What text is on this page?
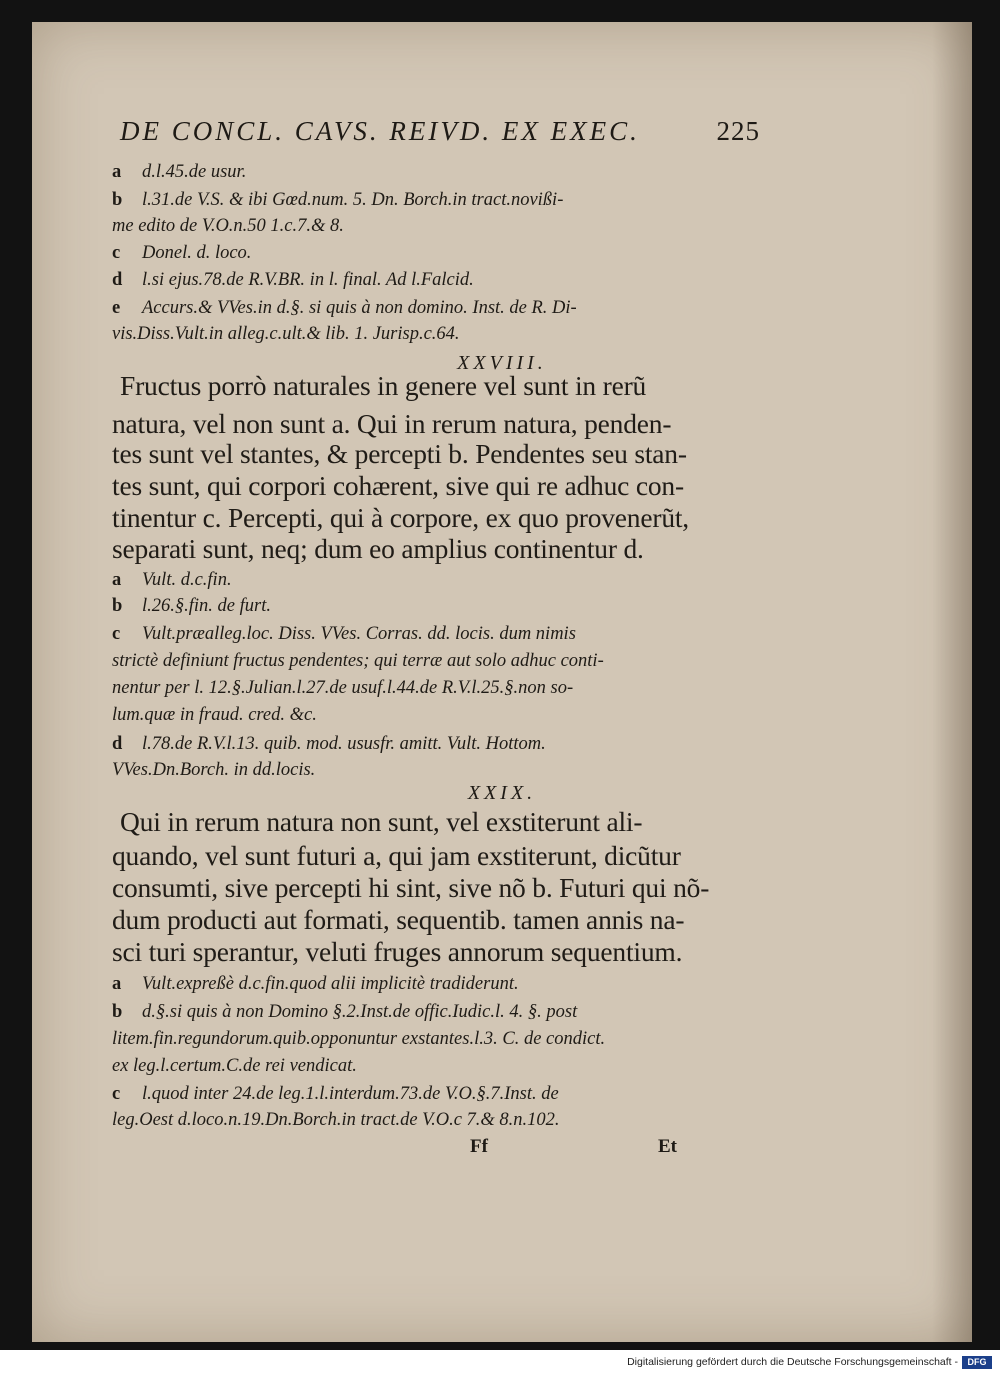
DE CONCL. CAVS. REIVD. EX EXEC.	225
a d.l.45.de usur.
b l.31.de V.S. & ibi Gœd.num. 5. Dn. Borch.in tract.novißi-
me edito de V.O.n.50 1.c.7.& 8.
c Donel. d. loco.
d l.si ejus.78.de R.V.BR. in l. final. Ad l.Falcid.
e Accurs.& VVes.in d.§. si quis à non domino. Inst. de R. Di-
vis.Diss.Vult.in alleg.c.ult.& lib. 1. Jurisp.c.64.
XXVIII.
Fructus porrò naturales in genere vel sunt in rerũ
natura, vel non sunt a. Qui in rerum natura, penden-
tes sunt vel stantes, & percepti b. Pendentes seu stan-
tes sunt, qui corpori cohærent, sive qui re adhuc con-
tinentur c. Percepti, qui à corpore, ex quo provenerũt,
separati sunt, neq; dum eo amplius continentur d.
a Vult. d.c.fin.
b l.26.§.fin. de furt.
c Vult.præalleg.loc. Diss. VVes. Corras. dd. locis. dum nimis
strictè definiunt fructus pendentes; qui terræ aut solo adhuc conti-
nentur per l. 12.§.Julian.l.27.de usuf.l.44.de R.V.l.25.§.non so-
lum.quæ in fraud. cred. &c.
d l.78.de R.V.l.13. quib. mod. ususfr. amitt. Vult. Hottom.
VVes.Dn.Borch. in dd.locis.
XXIX.
Qui in rerum natura non sunt, vel exstiterunt ali-
quando, vel sunt futuri a, qui jam exstiterunt, dicũtur
consumti, sive percepti hi sint, sive nõ b. Futuri qui nõ-
dum producti aut formati, sequentib. tamen annis na-
sci turi sperantur, veluti fruges annorum sequentium.
a Vult.expreßè d.c.fin.quod alii implicitè tradiderunt.
b d.§.si quis à non Domino §.2.Inst.de offic.Iudic.l. 4. §. post
litem.fin.regundorum.quib.opponuntur exstantes.l.3. C. de condict.
ex leg.l.certum.C.de rei vendicat.
c l.quod inter 24.de leg.1.l.interdum.73.de V.O.§.7.Inst. de
leg.Oest d.loco.n.19.Dn.Borch.in tract.de V.O.c 7.& 8.n.102.
Ff	Et
Digitalisierung gefördert durch die Deutsche Forschungsgemeinschaft -	DFG
